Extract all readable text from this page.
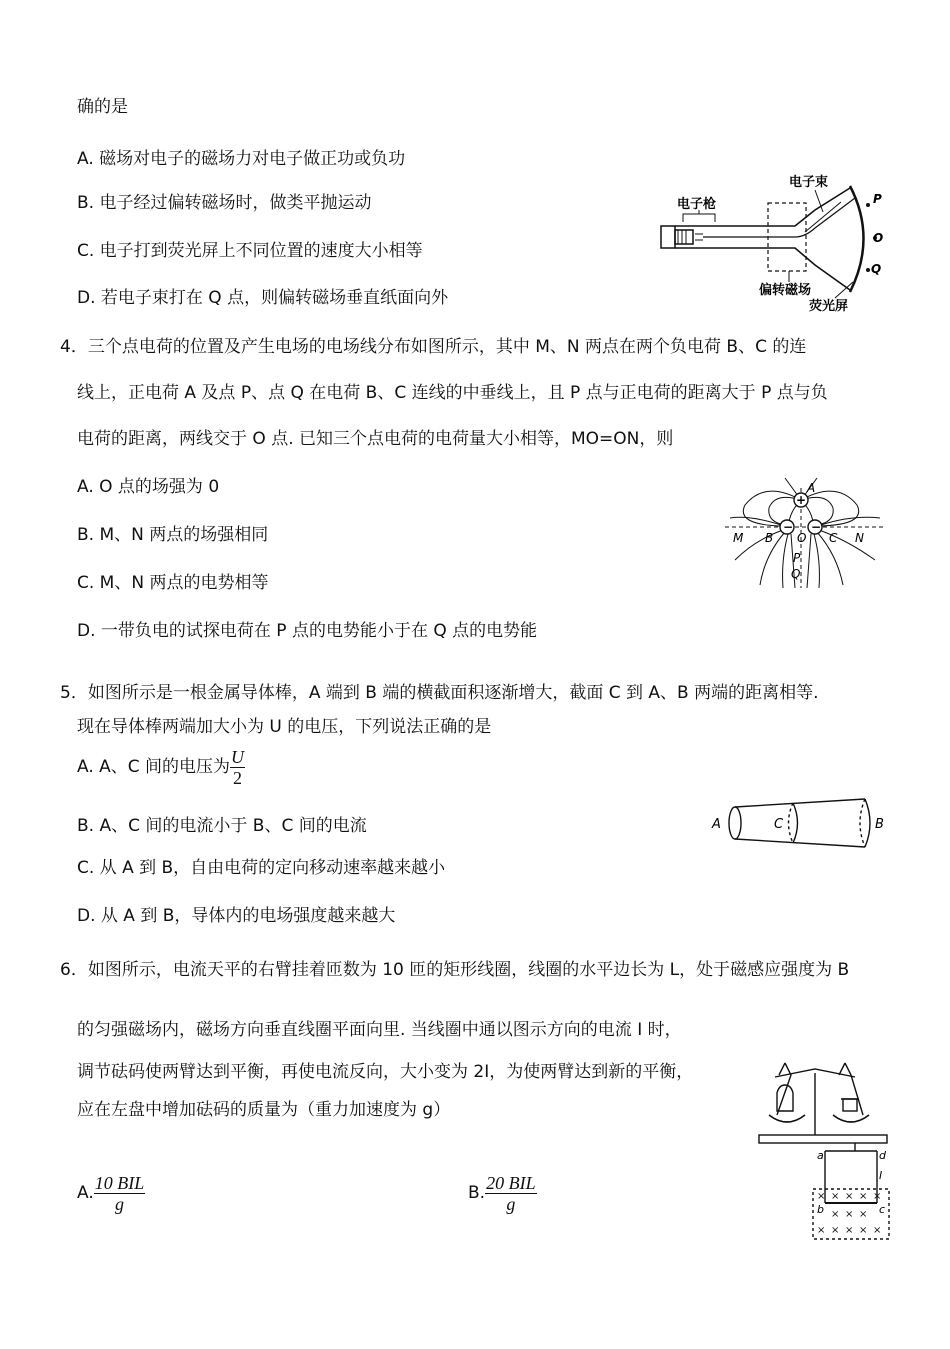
确的是
A. 磁场对电子的磁场力对电子做正功或负功
B. 电子经过偏转磁场时，做类平抛运动
C. 电子打到荧光屏上不同位置的速度大小相等
D. 若电子束打在 Q 点，则偏转磁场垂直纸面向外
电子枪
电子束
偏转磁场
荧光屏
P
O
Q
4．三个点电荷的位置及产生电场的电场线分布如图所示，其中 M、N 两点在两个负电荷 B、C 的连
线上，正电荷 A 及点 P、点 Q 在电荷 B、C 连线的中垂线上，且 P 点与正电荷的距离大于 P 点与负
电荷的距离，两线交于 O 点. 已知三个点电荷的电荷量大小相等，MO=ON，则
A. O 点的场强为 0
B. M、N 两点的场强相同
C. M、N 两点的电势相等
D. 一带负电的试探电荷在 P 点的电势能小于在 Q 点的电势能
+
− −
A
M B O C N
P
Q
5．如图所示是一根金属导体棒，A 端到 B 端的横截面积逐渐增大，截面 C 到 A、B 两端的距离相等.
现在导体棒两端加大小为 U 的电压，下列说法正确的是
A. A、C 间的电压为 $\frac{U}{2}$
B. A、C 间的电流小于 B、C 间的电流
C. 从 A 到 B，自由电荷的定向移动速率越来越小
D. 从 A 到 B，导体内的电场强度越来越大
A	C	B
6．如图所示，电流天平的右臂挂着匝数为 10 匝的矩形线圈，线圈的水平边长为 L，处于磁感应强度为 B
的匀强磁场内，磁场方向垂直线圈平面向里. 当线圈中通以图示方向的电流 I 时，
调节砝码使两臂达到平衡，再使电流反向，大小变为 2I，为使两臂达到新的平衡，
应在左盘中增加砝码的质量为（重力加速度为 g）
A. $\frac{\text{10 BIL}}{g}$	B. $\frac{\text{20 BIL}}{g}$
a	d
I
b	c
× × × × ×
× × ×
× × × × ×
